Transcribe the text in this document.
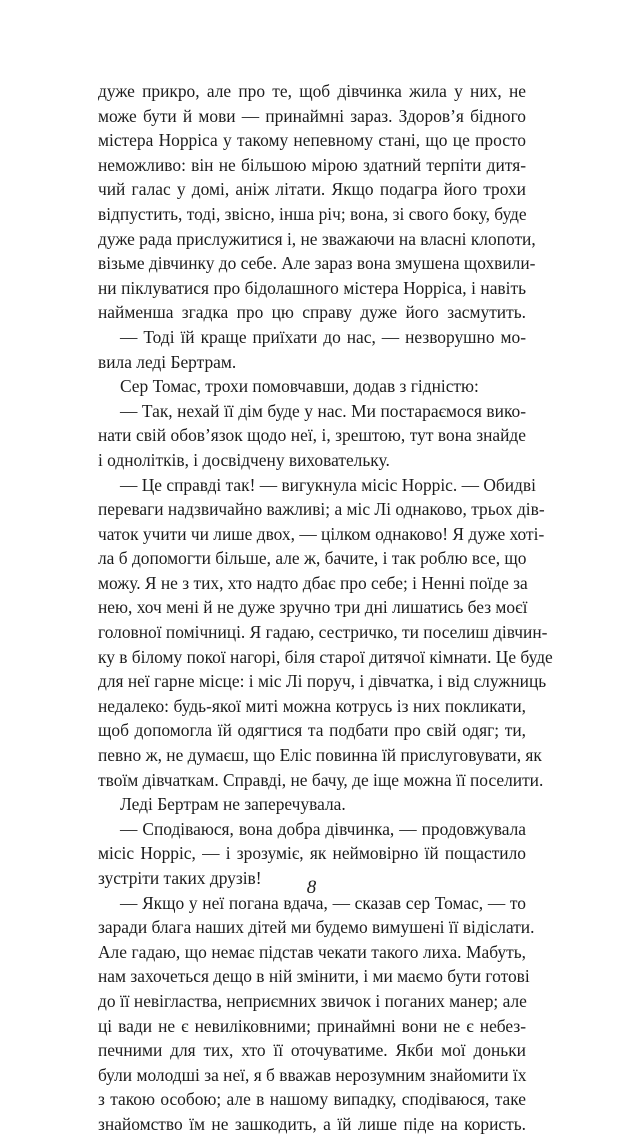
дуже прикро, але про те, щоб дівчинка жила у них, не
може бути й мови — принаймні зараз. Здоров’я бідного
містера Норріса у такому непевному стані, що це просто
неможливо: він не більшою мірою здатний терпіти дитя-
чий галас у домі, аніж літати. Якщо подагра його трохи
відпустить, тоді, звісно, інша річ; вона, зі свого боку, буде
дуже рада прислужитися і, не зважаючи на власні клопоти,
візьме дівчинку до себе. Але зараз вона змушена щохвили-
ни піклуватися про бідолашного містера Норріса, і навіть
найменша згадка про цю справу дуже його засмутить.

— Тоді їй краще приїхати до нас, — незворушно мо-
вила леді Бертрам.

Сер Томас, трохи помовчавши, додав з гідністю:

— Так, нехай її дім буде у нас. Ми постараємося вико-
нати свій обов’язок щодо неї, і, зрештою, тут вона знайде
і однолітків, і досвідчену виховательку.

— Це справді так! — вигукнула місіс Норріс. — Обидві
переваги надзвичайно важливі; а міс Лі однаково, трьох дів-
чаток учити чи лише двох, — цілком однаково! Я дуже хоті-
ла б допомогти більше, але ж, бачите, і так роблю все, що
можу. Я не з тих, хто надто дбає про себе; і Ненні поїде за
нею, хоч мені й не дуже зручно три дні лишатись без моєї
головної помічниці. Я гадаю, сестричко, ти поселиш дівчин-
ку в білому покої нагорі, біля старої дитячої кімнати. Це буде
для неї гарне місце: і міс Лі поруч, і дівчатка, і від служниць
недалеко: будь-якої миті можна котрусь із них покликати,
щоб допомогла їй одягтися та подбати про свій одяг; ти,
певно ж, не думаєш, що Еліс повинна їй прислуговувати, як
твоїм дівчаткам. Справді, не бачу, де іще можна її поселити.

Леді Бертрам не заперечувала.

— Сподіваюся, вона добра дівчинка, — продовжувала
місіс Норріс, — і зрозуміє, як неймовірно їй пощастило
зустріти таких друзів!

— Якщо у неї погана вдача, — сказав сер Томас, — то
заради блага наших дітей ми будемо вимушені її відіслати.
Але гадаю, що немає підстав чекати такого лиха. Мабуть,
нам захочеться дещо в ній змінити, і ми маємо бути готові
до її невігластва, неприємних звичок і поганих манер; але
ці вади не є невиліковними; принаймні вони не є небез-
печними для тих, хто її оточуватиме. Якби мої доньки
були молодші за неї, я б вважав нерозумним знайомити їх
з такою особою; але в нашому випадку, сподіваюся, таке
знайомство їм не зашкодить, а їй лише піде на користь.

8
